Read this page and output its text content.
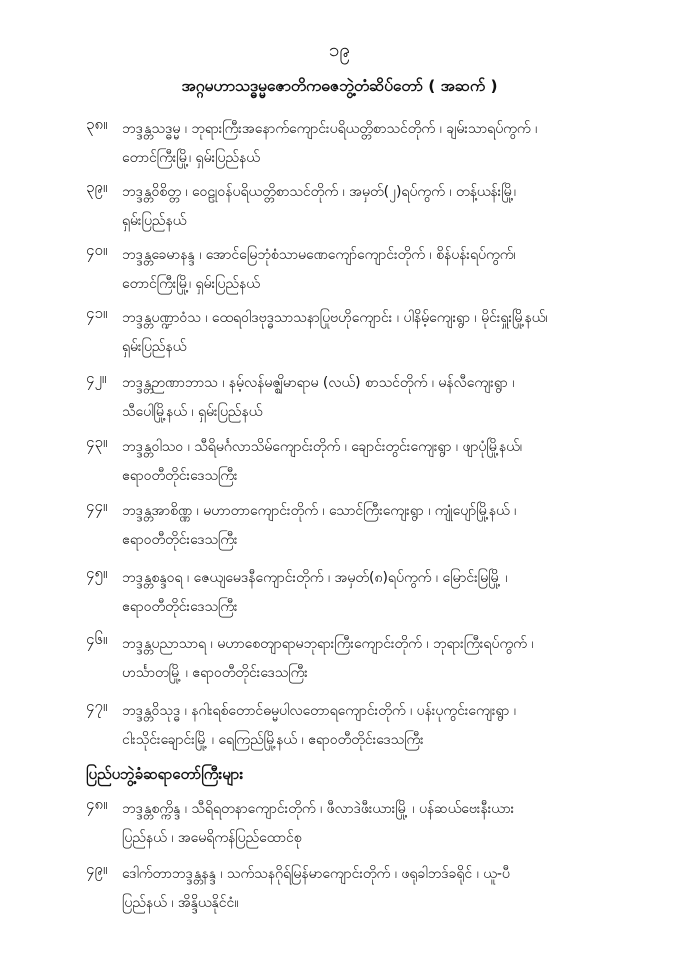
၁၉
အဂ္ဂမဟာသဒ္ဓမ္မဇောတိကဓဇဘွဲ့တံဆိပ်တော် ( အဆက် )
၃၈။ ဘဒ္ဒန္တသဒ္ဓမ္မ ၊ ဘုရားကြီးအနောက်ကျောင်းပရိယတ္တိစာသင်တိုက် ၊ ချမ်းသာရပ်ကွက် ၊
တောင်ကြီးမြို့၊ ရှမ်းပြည်နယ်
၃၉။ ဘဒ္ဒန္တဝိစိတ္တ ၊ ဝေဠုဝန်ပရိယတ္တိစာသင်တိုက် ၊ အမှတ်(၂)ရပ်ကွက် ၊ တန့်ယန်းမြို့၊
ရှမ်းပြည်နယ်
၄၀။ ဘဒ္ဒန္တခေမာနန္ဒ ၊ အောင်မြေဘုံစံသာမဏေကျော်ကျောင်းတိုက် ၊ စိန်ပန်းရပ်ကွက်၊
တောင်ကြီးမြို့၊ ရှမ်းပြည်နယ်
၄၁။ ဘဒ္ဒန္တပဏ္ဍာဝံသ ၊ ထေရဝါဒဗုဒ္ဓသာသနာပြုဗဟိုကျောင်း ၊ ပါနိမ့်ကျေးရွာ ၊ မိုင်းရှူးမြို့နယ်၊
ရှမ်းပြည်နယ်
၄၂။ ဘဒ္ဒန္တဉာဏာဘာသ ၊ နမ့်လန်မဇ္ဈိမာရာမ (လယ်) စာသင်တိုက် ၊ မန်လီကျေးရွာ ၊
သီပေါမြို့နယ် ၊ ရှမ်းပြည်နယ်
၄၃။ ဘဒ္ဒန္တဝါသဝ ၊ သီရိမင်္ဂလာသိမ်ကျောင်းတိုက် ၊ ချောင်းတွင်းကျေးရွာ ၊ ဖျာပုံမြို့နယ်၊
ဧရာဝတီတိုင်းဒေသကြီး
၄၄။ ဘဒ္ဒန္တအာစိဏ္ဏ ၊ မဟာတာကျောင်းတိုက် ၊ သောင်ကြီးကျေးရွာ ၊ ကျုံပျော်မြို့နယ် ၊
ဧရာဝတီတိုင်းဒေသကြီး
၄၅။ ဘဒ္ဒန္တစန္ဒဝရ ၊ ဇေယျမေဒနီကျောင်းတိုက် ၊ အမှတ်(၈)ရပ်ကွက် ၊ မြောင်းမြမြို့ ၊
ဧရာဝတီတိုင်းဒေသကြီး
၄၆။ ဘဒ္ဒန္တပညာသာရ ၊ မဟာစေတျာရာမဘုရားကြီးကျောင်းတိုက် ၊ ဘုရားကြီးရပ်ကွက် ၊
ဟင်္သာတမြို့ ၊ ဧရာဝတီတိုင်းဒေသကြီး
၄၇။ ဘဒ္ဒန္တဝိသုဒ္ဓ ၊ နဂါးရစ်တောင်ဓမ္မပါလတောရကျောင်းတိုက် ၊ ပန်းပုကွင်းကျေးရွာ ၊
ငါးသိုင်းချောင်းမြို့ ၊ ရေကြည်မြို့နယ် ၊ ဧရာဝတီတိုင်းဒေသကြီး
ပြည်ပဘွဲ့ခံဆရာတော်ကြီးများ
၄၈။ ဘဒ္ဒန္တစက္ကိန္ဒ ၊ သီရိရတနာကျောင်းတိုက် ၊ ဖီလာဒဲဖီးယားမြို့ ၊ ပန်ဆယ်ဗေးနီးယား
ပြည်နယ် ၊ အမေရိကန်ပြည်ထောင်စု
၄၉။ ဒေါက်တာဘဒ္ဒန္တနန္ဒ ၊ သက်သနဂိုရ်မြန်မာကျောင်းတိုက် ၊ ဖရုခါဘဒ်ခရိုင် ၊ ယူ-ပီ
ပြည်နယ် ၊ အိန္ဒိယနိုင်ငံ။
